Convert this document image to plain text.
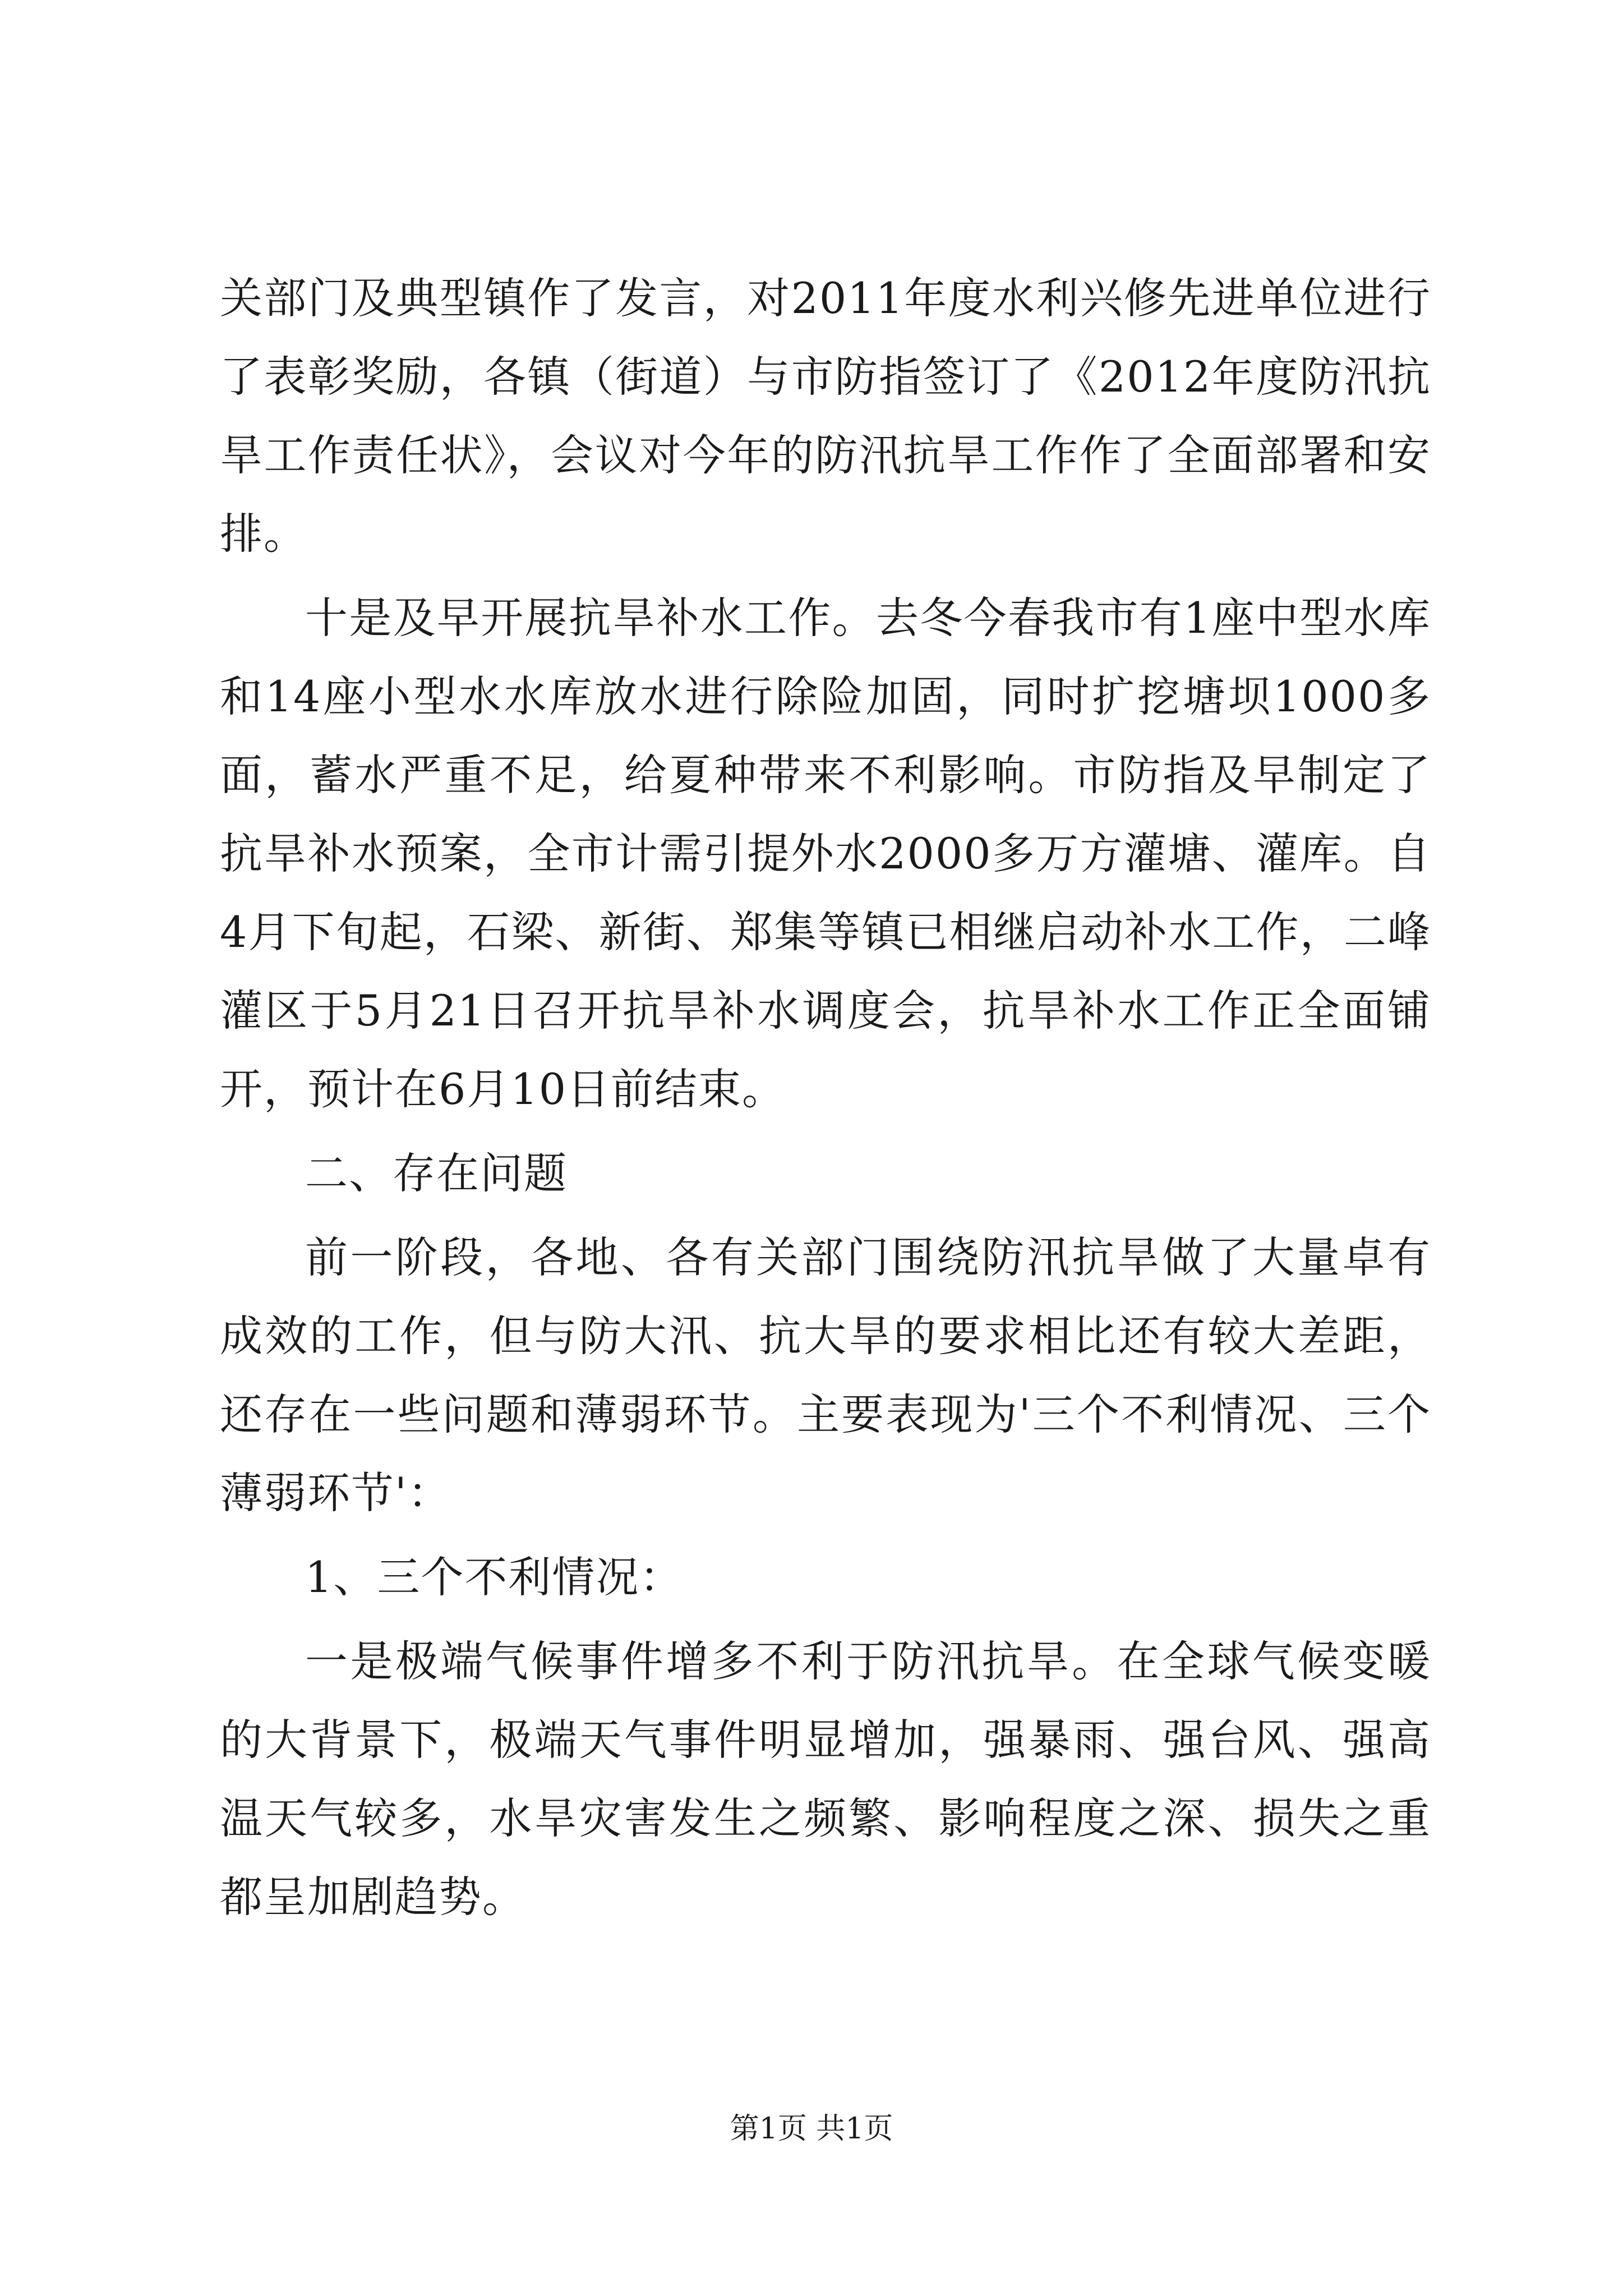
关部门及典型镇作了发言，对2011年度水利兴修先进单位进行了表彰奖励，各镇（街道）与市防指签订了《2012年度防汛抗旱工作责任状》，会议对今年的防汛抗旱工作作了全面部署和安排。

十是及早开展抗旱补水工作。去冬今春我市有1座中型水库和14座小型水水库放水进行除险加固，同时扩挖塘坝1000多面，蓄水严重不足，给夏种带来不利影响。市防指及早制定了抗旱补水预案，全市计需引提外水2000多万方灌塘、灌库。自4月下旬起，石梁、新街、郑集等镇已相继启动补水工作，二峰灌区于5月21日召开抗旱补水调度会，抗旱补水工作正全面铺开，预计在6月10日前结束。

二、存在问题

前一阶段，各地、各有关部门围绕防汛抗旱做了大量卓有成效的工作，但与防大汛、抗大旱的要求相比还有较大差距，还存在一些问题和薄弱环节。主要表现为'三个不利情况、三个薄弱环节'：

1、三个不利情况：

一是极端气候事件增多不利于防汛抗旱。在全球气候变暖的大背景下，极端天气事件明显增加，强暴雨、强台风、强高温天气较多，水旱灾害发生之频繁、影响程度之深、损失之重都呈加剧趋势。

第1页 共1页
